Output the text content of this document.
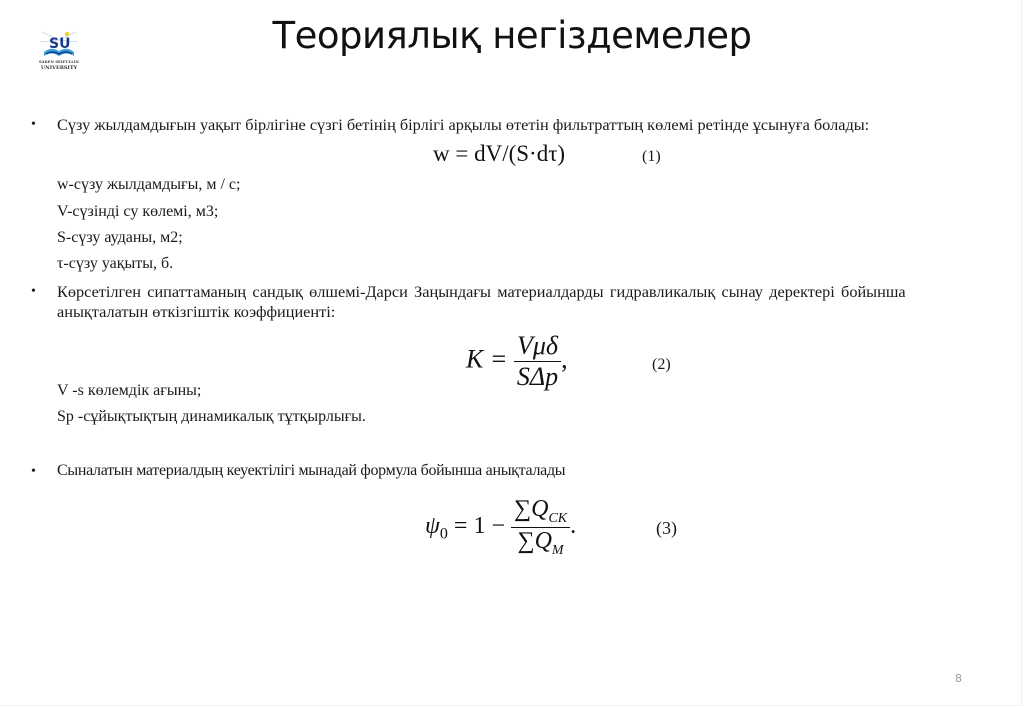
SU
SAKEN SEIFULLIN
UNIVERSITY
Теориялық негіздемелер
• Сүзу жылдамдығын уақыт бірлігіне сүзгі бетінің бірлігі арқылы өтетін фильтраттың көлемі ретінде ұсынуға болады:
w = dV/(S·dτ)	(1)
w-сүзу жылдамдығы, м / с;
V-сүзінді су көлемі, м3;
S-сүзу ауданы, м2;
τ-сүзу уақыты, б.
• Көрсетілген сипаттаманың сандық өлшемі-Дарси Заңындағы материалдарды гидравликалық сынау деректері бойынша
анықталатын өткізгіштік коэффициенті:
$K = \frac{\text{Vμδ}}{\text{SΔp}}$ ,	(2)
V -s көлемдік ағыны;
Sp -сұйықтықтың динамикалық тұтқырлығы.
• Сыналатын материалдың кеуектілігі мынадай формула бойынша анықталады
$\psi_0 = 1 - \frac{\sum Q_{СК}}{\sum Q_М}$ .	(3)
8
